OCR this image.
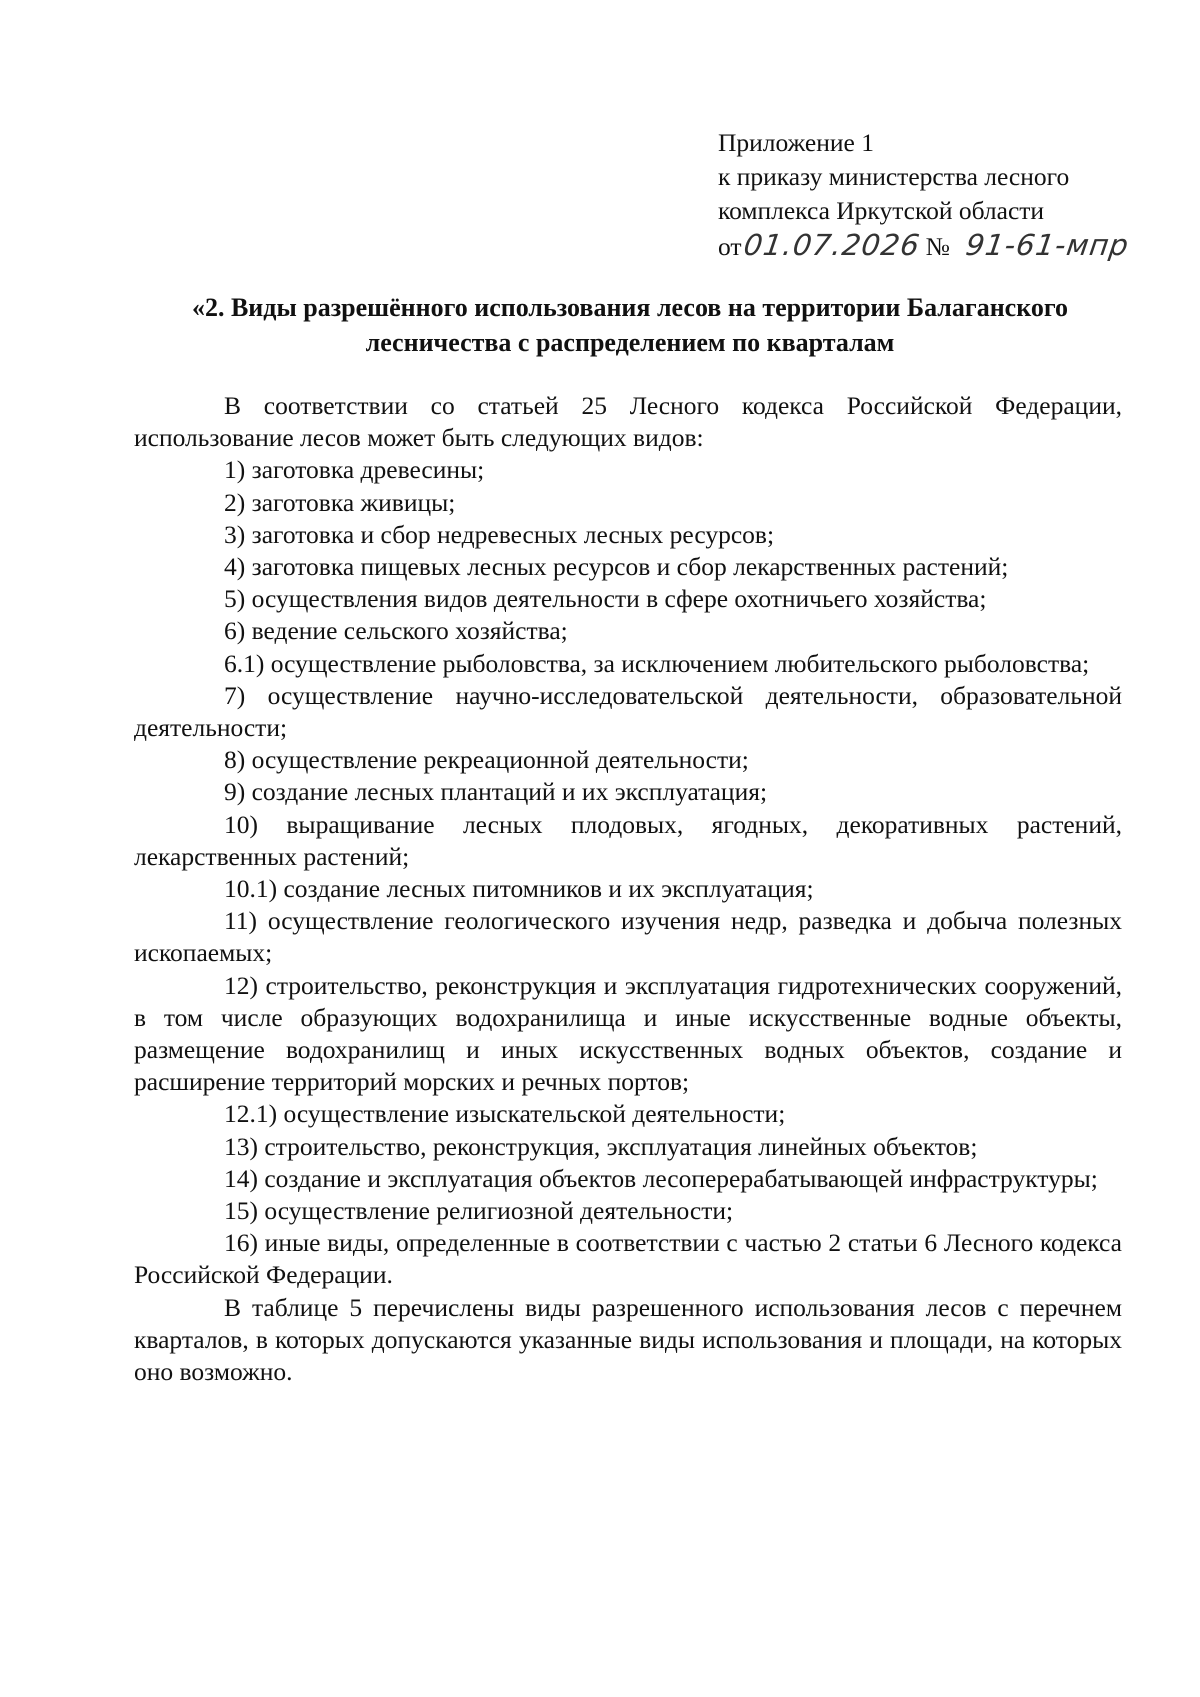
Приложение 1
к приказу министерства лесного
комплекса Иркутской области
от01.07.2026 № 91-61-мпр
«2. Виды разрешённого использования лесов на территории Балаганского
лесничества с распределением по кварталам

В соответствии со статьей 25 Лесного кодекса Российской Федерации, использование лесов может быть следующих видов:

1) заготовка древесины;

2) заготовка живицы;

3) заготовка и сбор недревесных лесных ресурсов;

4) заготовка пищевых лесных ресурсов и сбор лекарственных растений;

5) осуществления видов деятельности в сфере охотничьего хозяйства;

6) ведение сельского хозяйства;

6.1) осуществление рыболовства, за исключением любительского рыболовства;

7) осуществление научно-исследовательской деятельности, образовательной деятельности;

8) осуществление рекреационной деятельности;

9) создание лесных плантаций и их эксплуатация;

10) выращивание лесных плодовых, ягодных, декоративных растений, лекарственных растений;

10.1) создание лесных питомников и их эксплуатация;

11) осуществление геологического изучения недр, разведка и добыча полезных ископаемых;

12) строительство, реконструкция и эксплуатация гидротехнических сооружений, в том числе образующих водохранилища и иные искусственные водные объекты, размещение водохранилищ и иных искусственных водных объектов, создание и расширение территорий морских и речных портов;

12.1) осуществление изыскательской деятельности;

13) строительство, реконструкция, эксплуатация линейных объектов;

14) создание и эксплуатация объектов лесоперерабатывающей инфраструктуры;

15) осуществление религиозной деятельности;

16) иные виды, определенные в соответствии с частью 2 статьи 6 Лесного кодекса Российской Федерации.

В таблице 5 перечислены виды разрешенного использования лесов с перечнем кварталов, в которых допускаются указанные виды использования и площади, на которых оно возможно.
